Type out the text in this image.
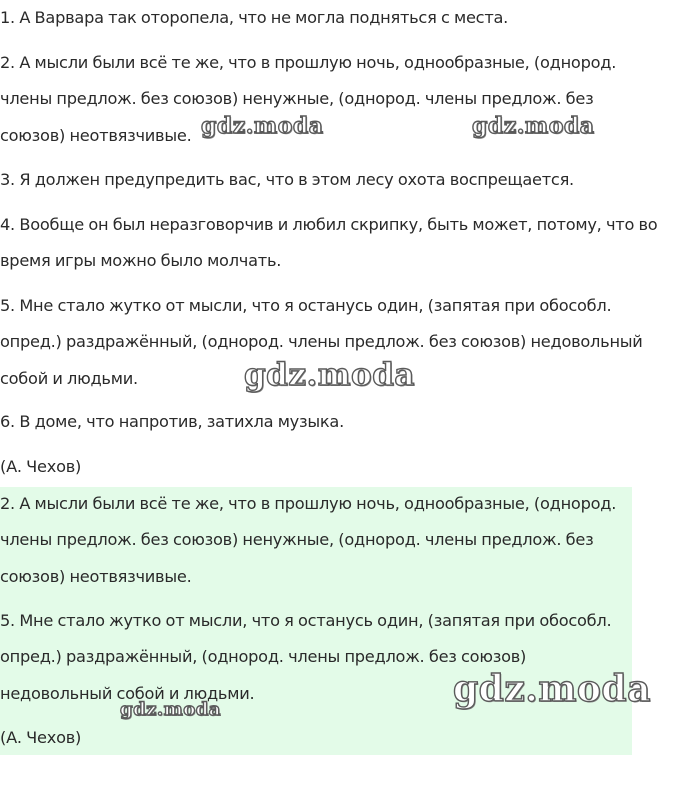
1. А Варвара так оторопела, что не могла подняться с места.

2. А мысли были всё те же, что в прошлую ночь, однообразные, (однород.
члены предлож. без союзов) ненужные, (однород. члены предлож. без
союзов) неотвязчивые.

3. Я должен предупредить вас, что в этом лесу охота воспрещается.

4. Вообще он был неразговорчив и любил скрипку, быть может, потому, что во
время игры можно было молчать.

5. Мне стало жутко от мысли, что я останусь один, (запятая при обособл.
опред.) раздражённый, (однород. члены предлож. без союзов) недовольный
собой и людьми.

6. В доме, что напротив, затихла музыка.

(А. Чехов)

2. А мысли были всё те же, что в прошлую ночь, однообразные, (однород.
члены предлож. без союзов) ненужные, (однород. члены предлож. без
союзов) неотвязчивые.

5. Мне стало жутко от мысли, что я останусь один, (запятая при обособл.
опред.) раздражённый, (однород. члены предлож. без союзов)
недовольный собой и людьми.

(А. Чехов)

gdz.moda	gdz.moda
gdz.moda
gdz.moda
gdz.moda
